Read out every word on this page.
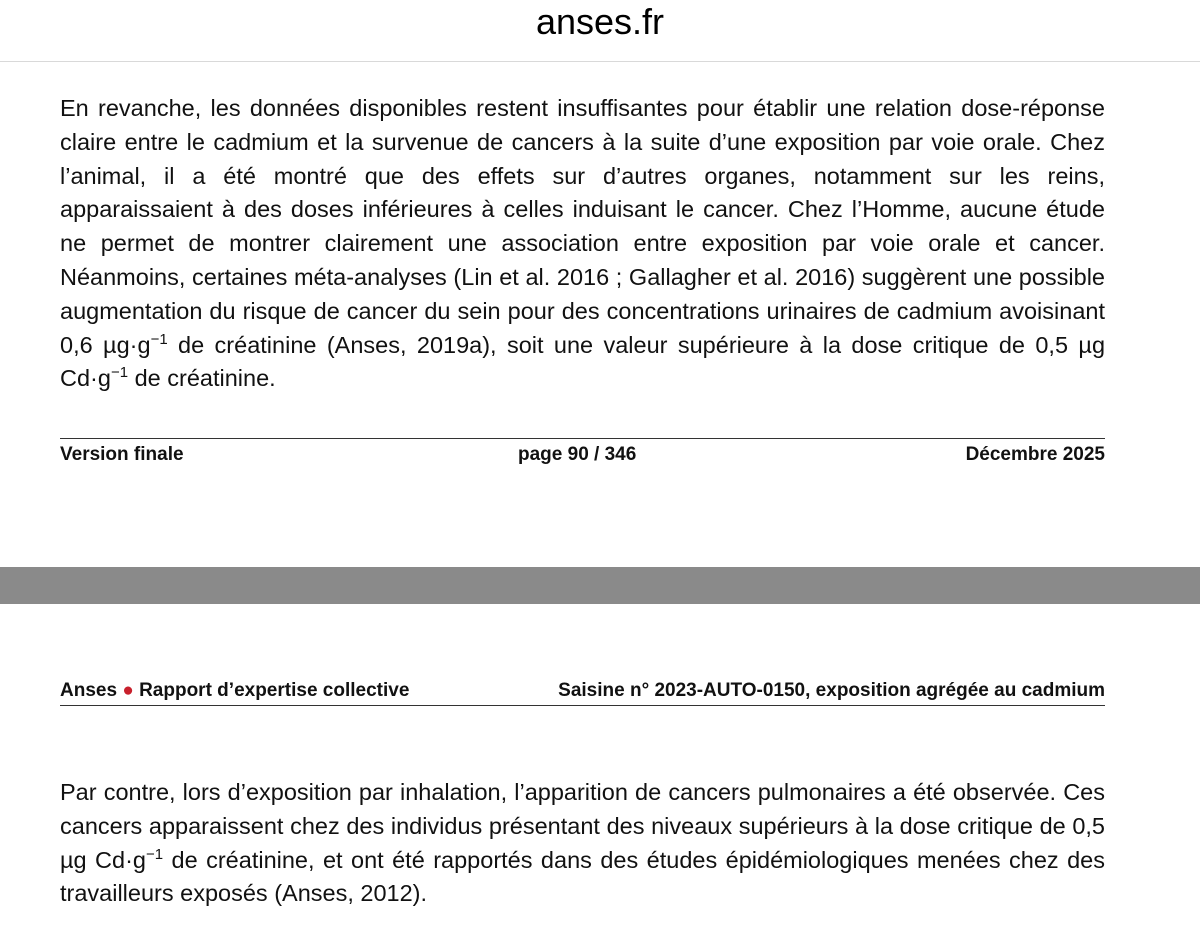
anses.fr

En revanche, les données disponibles restent insuffisantes pour établir une relation dose-réponse claire entre le cadmium et la survenue de cancers à la suite d’une exposition par voie orale. Chez l’animal, il a été montré que des effets sur d’autres organes, notamment sur les reins, apparaissaient à des doses inférieures à celles induisant le cancer. Chez l’Homme, aucune étude ne permet de montrer clairement une association entre exposition par voie orale et cancer. Néanmoins, certaines méta-analyses (Lin et al. 2016 ; Gallagher et al. 2016) suggèrent une possible augmentation du risque de cancer du sein pour des concentrations urinaires de cadmium avoisinant 0,6 $\mu g\cdot g^{-1}$ de créatinine (Anses, 2019a), soit une valeur supérieure à la dose critique de 0,5 µg $Cd\cdot g^{-1}$ de créatinine.

Version finale	page 90 / 346	Décembre 2025
Anses ● Rapport d’expertise collective	Saisine n° 2023-AUTO-0150, exposition agrégée au cadmium

Par contre, lors d’exposition par inhalation, l’apparition de cancers pulmonaires a été observée. Ces cancers apparaissent chez des individus présentant des niveaux supérieurs à la dose critique de 0,5 µg $Cd\cdot g^{-1}$ de créatinine, et ont été rapportés dans des études épidémiologiques menées chez des travailleurs exposés (Anses, 2012).
